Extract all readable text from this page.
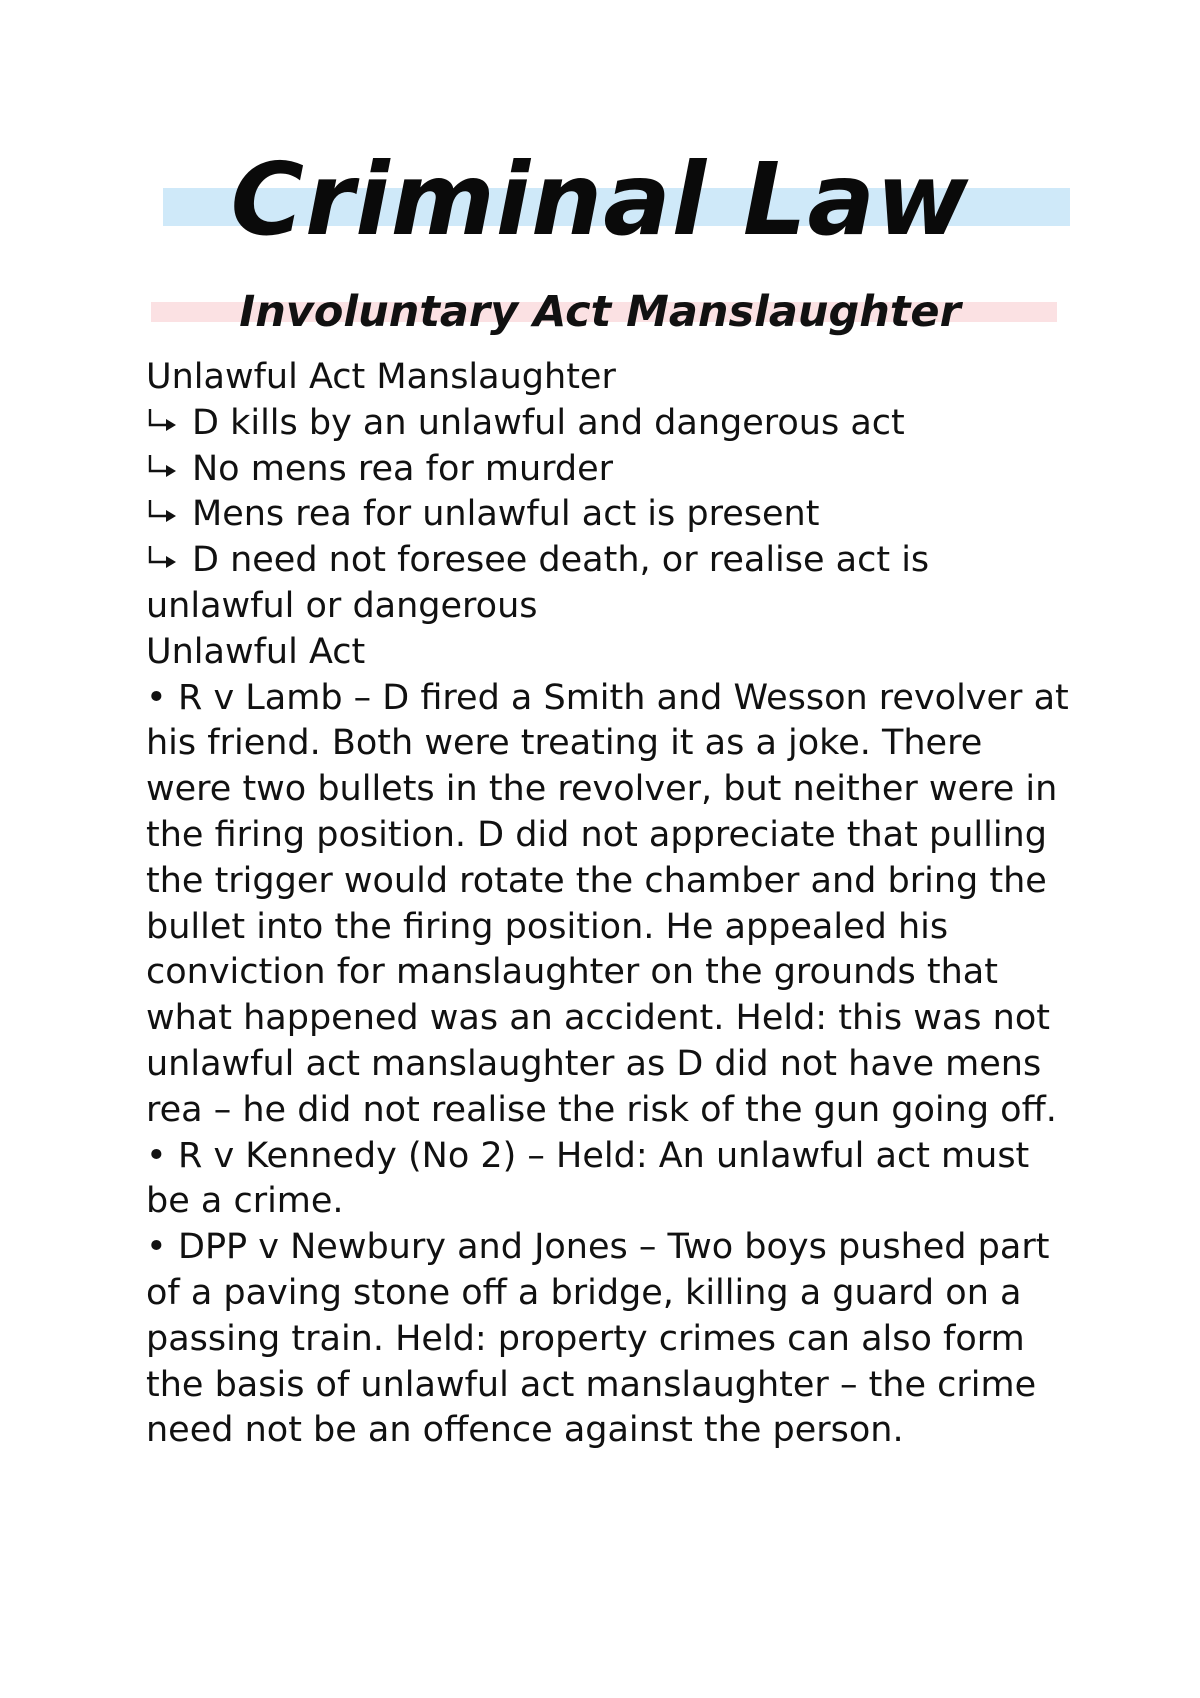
Criminal Law
Involuntary Act Manslaughter

Unlawful Act Manslaughter

D kills by an unlawful and dangerous act
No mens rea for murder
Mens rea for unlawful act is present
D need not foresee death, or realise act is

unlawful or dangerous

Unlawful Act

• R v Lamb – D fired a Smith and Wesson revolver at his friend. Both were treating it as a joke. There were two bullets in the revolver, but neither were in the firing position. D did not appreciate that pulling the trigger would rotate the chamber and bring the bullet into the firing position. He appealed his conviction for manslaughter on the grounds that what happened was an accident. Held: this was not unlawful act manslaughter as D did not have mens rea – he did not realise the risk of the gun going off.

• R v Kennedy (No 2) – Held: An unlawful act must be a crime.

• DPP v Newbury and Jones – Two boys pushed part of a paving stone off a bridge, killing a guard on a passing train. Held: property crimes can also form the basis of unlawful act manslaughter – the crime need not be an offence against the person.
